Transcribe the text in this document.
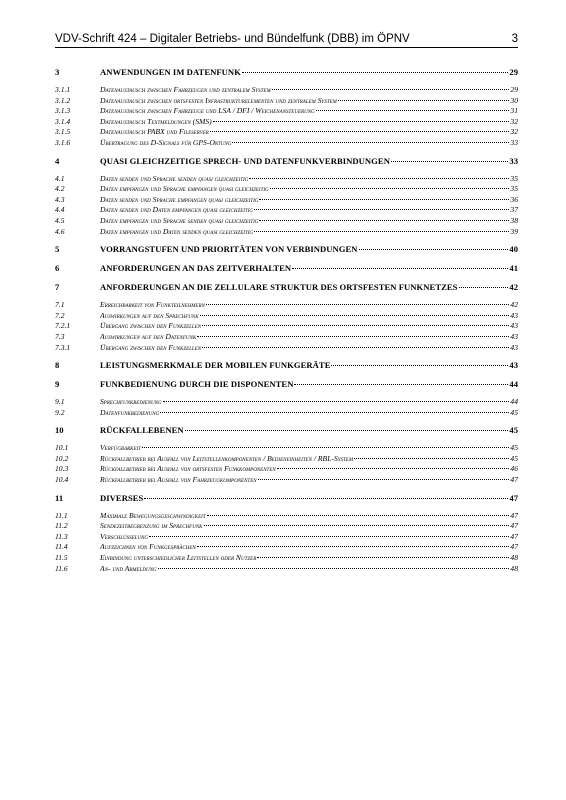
VDV-Schrift 424 – Digitaler Betriebs- und Bündelfunk (DBB) im ÖPNV	3
3	ANWENDUNGEN IM DATENFUNK	29
3.1.1	Datenaustausch zwischen Fahrzeugen und zentralem System	29
3.1.2	Datenaustausch zwischen ortsfesten Infrastrukturelementen und zentralem System	30
3.1.3	Datenaustausch zwischen Fahrzeuge und LSA / DFI / Weichenansteuerung	31
3.1.4	Datenaustausch Textmeldungen (SMS)	32
3.1.5	Datenaustausch PABX und Fileserver	32
3.1.6	Übertragung des D-Signals für GPS-Ortung	33
4	QUASI GLEICHZEITIGE SPRECH- UND DATENFUNKVERBINDUNGEN	33
4.1	Daten senden und Sprache senden quasi gleichzeitig	35
4.2	Daten empfangen und Sprache empfangen quasi gleichzeitig	35
4.3	Daten senden und Sprache empfangen quasi gleichzeitig	36
4.4	Daten senden und Daten empfangen quasi gleichzeitig	37
4.5	Daten empfangen und Sprache senden quasi gleichzeitig	38
4.6	Daten empfangen und Daten senden quasi gleichzeitig	39
5	VORRANGSTUFEN UND PRIORITÄTEN VON VERBINDUNGEN	40
6	ANFORDERUNGEN AN DAS ZEITVERHALTEN	41
7	ANFORDERUNGEN AN DIE ZELLULARE STRUKTUR DES ORTSFESTEN FUNKNETZES	42
7.1	Erreichbarkeit von Funkteilnehmern	42
7.2	Auswirkungen auf den Sprechfunk	43
7.2.1	Übergang zwischen den Funkzellen	43
7.3	Auswirkungen auf den Datenfunk	43
7.3.1	Übergang zwischen den Funkzellen	43
8	LEISTUNGSMERKMALE DER MOBILEN FUNKGERÄTE	43
9	FUNKBEDIENUNG DURCH DIE DISPONENTEN	44
9.1	Sprechfunkbedienung	44
9.2	Datenfunkbedienung	45
10	RÜCKFALLEBENEN	45
10.1	Verfügbarkeit	45
10.2	Rückfallbetrieb bei Ausfall von Leitstellenkomponenten / Bedieneinheiten / RBL-System	45
10.3	Rückfallbetrieb bei Ausfall von ortsfesten Funkkomponenten	46
10.4	Rückfallbetrieb bei Ausfall von Fahrzeugkomponenten	47
11	DIVERSES	47
11.1	Maximale Bewegungsgeschwindigkeit	47
11.2	Sendezeitbegrenzung im Sprechfunk	47
11.3	Verschlüsselung	47
11.4	Aufzeichnen von Funkgesprächen	47
11.5	Einbindung unterschiedlicher Leitstellen oder Nutzer	48
11.6	An- und Abmeldung	48
